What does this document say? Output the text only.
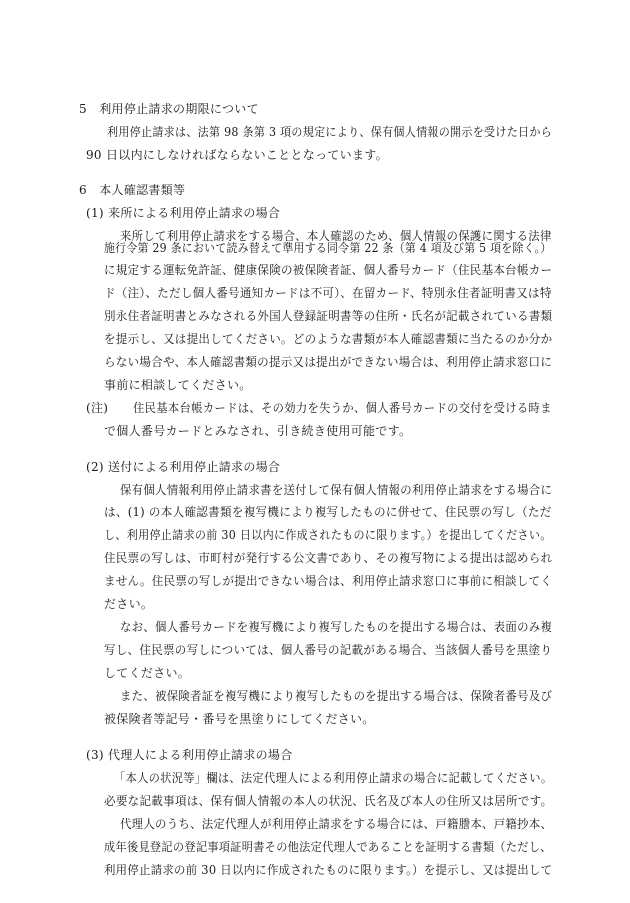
5　利用停止請求の期限について
利用停止請求は、法第 98 条第 3 項の規定により、保有個人情報の開示を受けた日から
90 日以内にしなければならないこととなっています。
6　本人確認書類等
(1) 来所による利用停止請求の場合
来所して利用停止請求をする場合、本人確認のため、個人情報の保護に関する法律
施行令第 29 条において読み替えて準用する同令第 22 条（第 4 項及び第 5 項を除く。）
に規定する運転免許証、健康保険の被保険者証、個人番号カード（住民基本台帳カー
ド（注）、ただし個人番号通知カードは不可）、在留カード、特別永住者証明書又は特
別永住者証明書とみなされる外国人登録証明書等の住所・氏名が記載されている書類
を提示し、又は提出してください。どのような書類が本人確認書類に当たるのか分か
らない場合や、本人確認書類の提示又は提出ができない場合は、利用停止請求窓口に
事前に相談してください。
(注) 住民基本台帳カードは、その効力を失うか、個人番号カードの交付を受ける時ま
で個人番号カードとみなされ、引き続き使用可能です。
(2) 送付による利用停止請求の場合
保有個人情報利用停止請求書を送付して保有個人情報の利用停止請求をする場合に
は、(1) の本人確認書類を複写機により複写したものに併せて、住民票の写し（ただ
し、利用停止請求の前 30 日以内に作成されたものに限ります。）を提出してください。
住民票の写しは、市町村が発行する公文書であり、その複写物による提出は認められ
ません。住民票の写しが提出できない場合は、利用停止請求窓口に事前に相談してく
ださい。
なお、個人番号カードを複写機により複写したものを提出する場合は、表面のみ複
写し、住民票の写しについては、個人番号の記載がある場合、当該個人番号を黒塗り
してください。
また、被保険者証を複写機により複写したものを提出する場合は、保険者番号及び
被保険者等記号・番号を黒塗りにしてください。
(3) 代理人による利用停止請求の場合
「本人の状況等」欄は、法定代理人による利用停止請求の場合に記載してください。
必要な記載事項は、保有個人情報の本人の状況、氏名及び本人の住所又は居所です。
代理人のうち、法定代理人が利用停止請求をする場合には、戸籍謄本、戸籍抄本、
成年後見登記の登記事項証明書その他法定代理人であることを証明する書類（ただし、
利用停止請求の前 30 日以内に作成されたものに限ります。）を提示し、又は提出して
